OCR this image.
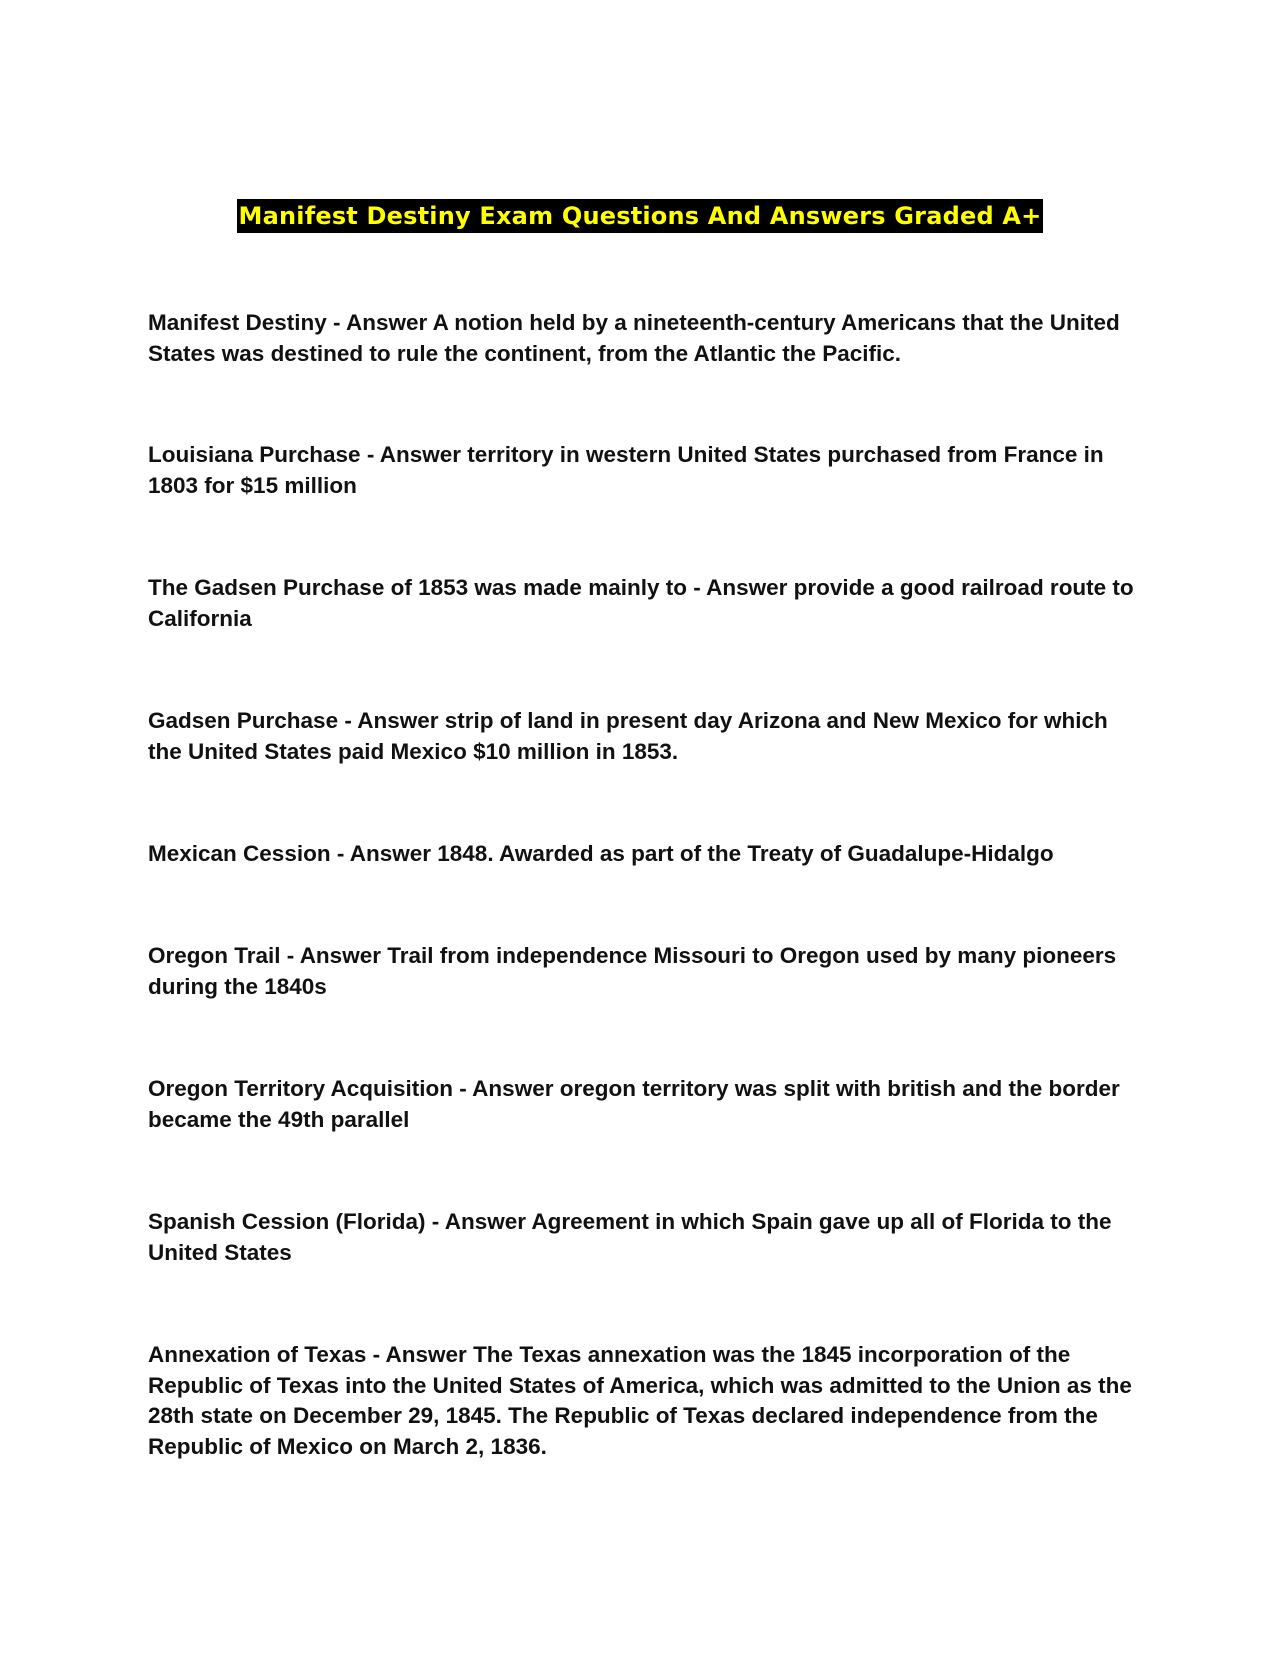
Manifest Destiny Exam Questions And Answers Graded A+
Manifest Destiny - Answer A notion held by a nineteenth-century Americans that the United States was destined to rule the continent, from the Atlantic the Pacific.
Louisiana Purchase - Answer territory in western United States purchased from France in 1803 for $15 million
The Gadsen Purchase of 1853 was made mainly to - Answer provide a good railroad route to California
Gadsen Purchase - Answer strip of land in present day Arizona and New Mexico for which the United States paid Mexico $10 million in 1853.
Mexican Cession - Answer 1848. Awarded as part of the Treaty of Guadalupe-Hidalgo
Oregon Trail - Answer Trail from independence Missouri to Oregon used by many pioneers during the 1840s
Oregon Territory Acquisition - Answer oregon territory was split with british and the border became the 49th parallel
Spanish Cession (Florida) - Answer Agreement in which Spain gave up all of Florida to the United States
Annexation of Texas - Answer The Texas annexation was the 1845 incorporation of the Republic of Texas into the United States of America, which was admitted to the Union as the 28th state on December 29, 1845. The Republic of Texas declared independence from the Republic of Mexico on March 2, 1836.
